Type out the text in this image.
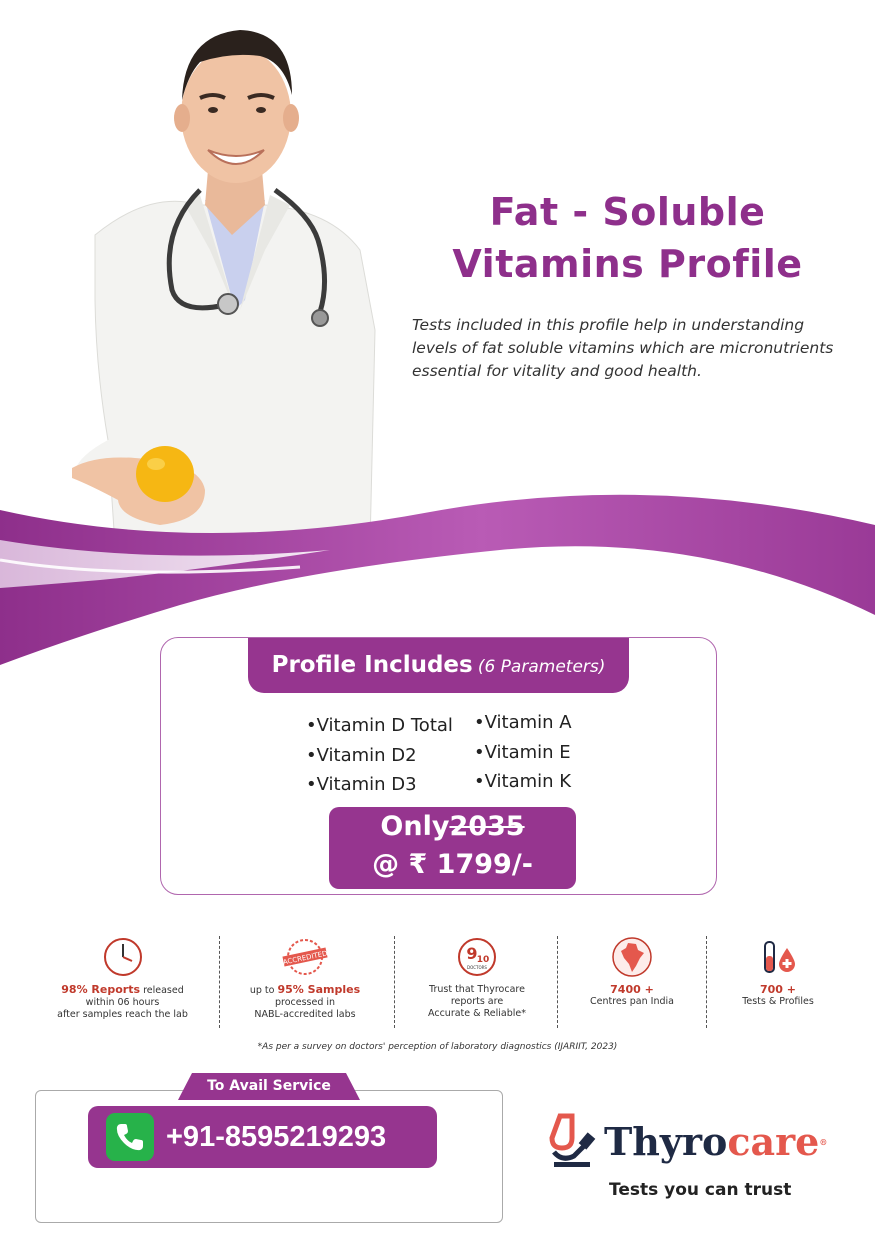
Fat - Soluble
Vitamins Profile

Tests included in this profile help in understanding levels of fat soluble vitamins which are micronutrients essential for vitality and good health.

Profile Includes (6 Parameters)
•Vitamin D Total
•Vitamin D2
•Vitamin D3
•Vitamin A
•Vitamin E
•Vitamin K
Only2035
@ ₹ 1799/-
98% Reports released
within 06 hours
after samples reach the lab
ACCREDITED
up to 95% Samples
processed in
NABL-accredited labs
9 10
DOCTORS
Trust that Thyrocare
reports are
Accurate & Reliable*
7400 +
Centres pan India
700 +
Tests & Profiles
*As per a survey on doctors' perception of laboratory diagnostics (IJARIIT, 2023)
To Avail Service
+91-8595219293	Thyrocare®
Tests you can trust
